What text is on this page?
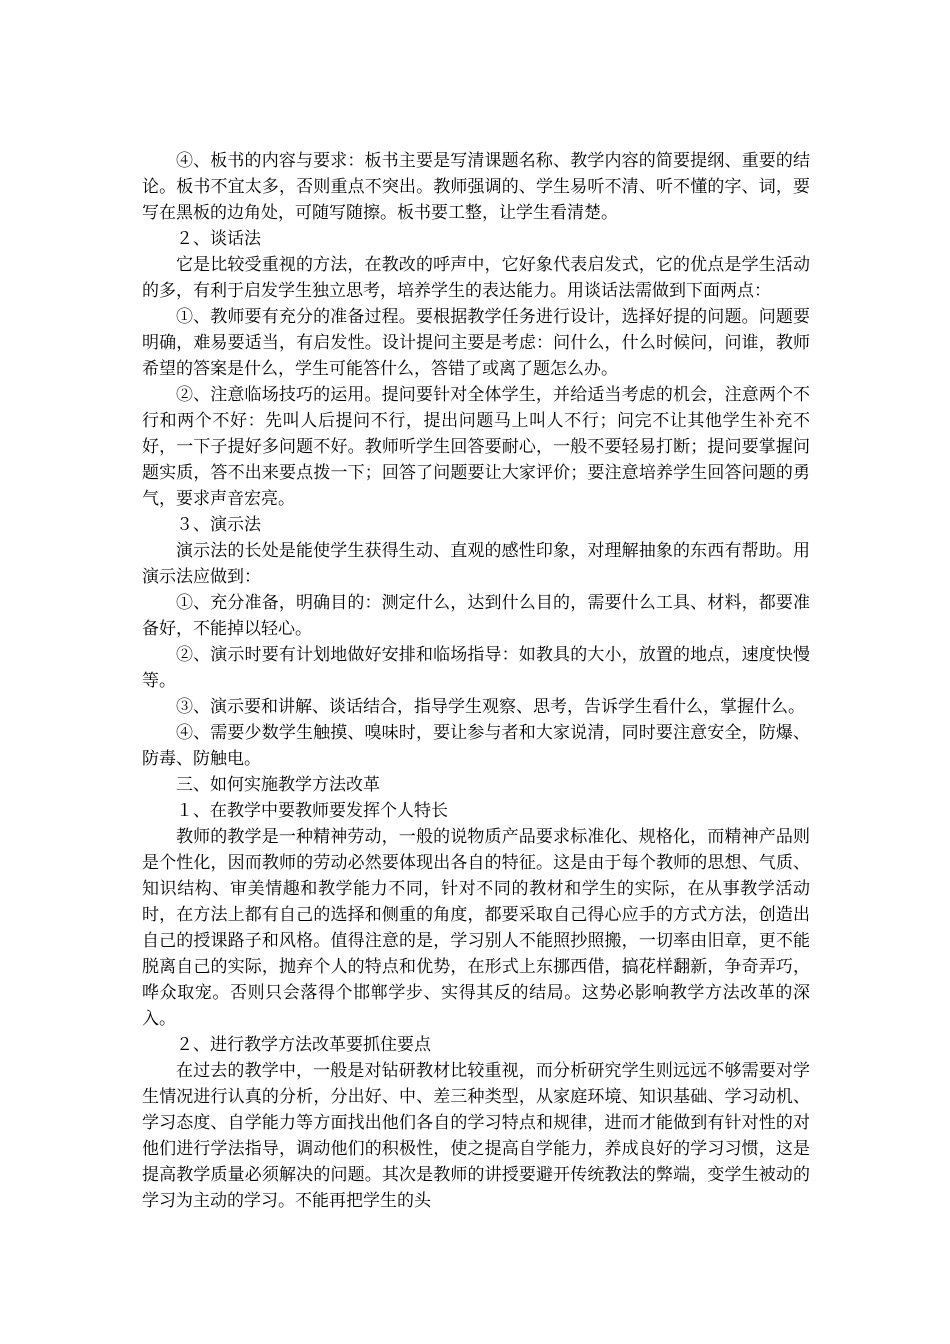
④、板书的内容与要求：板书主要是写清课题名称、教学内容的简要提纲、重要的结论。板书不宜太多，否则重点不突出。教师强调的、学生易听不清、听不懂的字、词，要写在黑板的边角处，可随写随擦。板书要工整，让学生看清楚。

２、谈话法

它是比较受重视的方法，在教改的呼声中，它好象代表启发式，它的优点是学生活动的多，有利于启发学生独立思考，培养学生的表达能力。用谈话法需做到下面两点：

①、教师要有充分的准备过程。要根据教学任务进行设计，选择好提的问题。问题要明确，难易要适当，有启发性。设计提问主要是考虑：问什么，什么时候问，问谁，教师希望的答案是什么，学生可能答什么，答错了或离了题怎么办。

②、注意临场技巧的运用。提问要针对全体学生，并给适当考虑的机会，注意两个不行和两个不好：先叫人后提问不行，提出问题马上叫人不行；问完不让其他学生补充不好，一下子提好多问题不好。教师听学生回答要耐心，一般不要轻易打断；提问要掌握问题实质，答不出来要点拨一下；回答了问题要让大家评价；要注意培养学生回答问题的勇气，要求声音宏亮。

３、演示法

演示法的长处是能使学生获得生动、直观的感性印象，对理解抽象的东西有帮助。用演示法应做到：

①、充分准备，明确目的：测定什么，达到什么目的，需要什么工具、材料，都要准备好，不能掉以轻心。

②、演示时要有计划地做好安排和临场指导：如教具的大小，放置的地点，速度快慢等。

③、演示要和讲解、谈话结合，指导学生观察、思考，告诉学生看什么，掌握什么。

④、需要少数学生触摸、嗅味时，要让参与者和大家说清，同时要注意安全，防爆、防毒、防触电。

三、如何实施教学方法改革

１、在教学中要教师要发挥个人特长

教师的教学是一种精神劳动，一般的说物质产品要求标准化、规格化，而精神产品则是个性化，因而教师的劳动必然要体现出各自的特征。这是由于每个教师的思想、气质、知识结构、审美情趣和教学能力不同，针对不同的教材和学生的实际，在从事教学活动时，在方法上都有自己的选择和侧重的角度，都要采取自己得心应手的方式方法，创造出自己的授课路子和风格。值得注意的是，学习别人不能照抄照搬，一切率由旧章，更不能脱离自己的实际，抛弃个人的特点和优势，在形式上东挪西借，搞花样翻新，争奇弄巧，哗众取宠。否则只会落得个邯郸学步、实得其反的结局。这势必影响教学方法改革的深入。

２、进行教学方法改革要抓住要点

在过去的教学中，一般是对钻研教材比较重视，而分析研究学生则远远不够需要对学生情况进行认真的分析，分出好、中、差三种类型，从家庭环境、知识基础、学习动机、学习态度、自学能力等方面找出他们各自的学习特点和规律，进而才能做到有针对性的对他们进行学法指导，调动他们的积极性，使之提高自学能力，养成良好的学习习惯，这是提高教学质量必须解决的问题。其次是教师的讲授要避开传统教法的弊端，变学生被动的学习为主动的学习。不能再把学生的头
